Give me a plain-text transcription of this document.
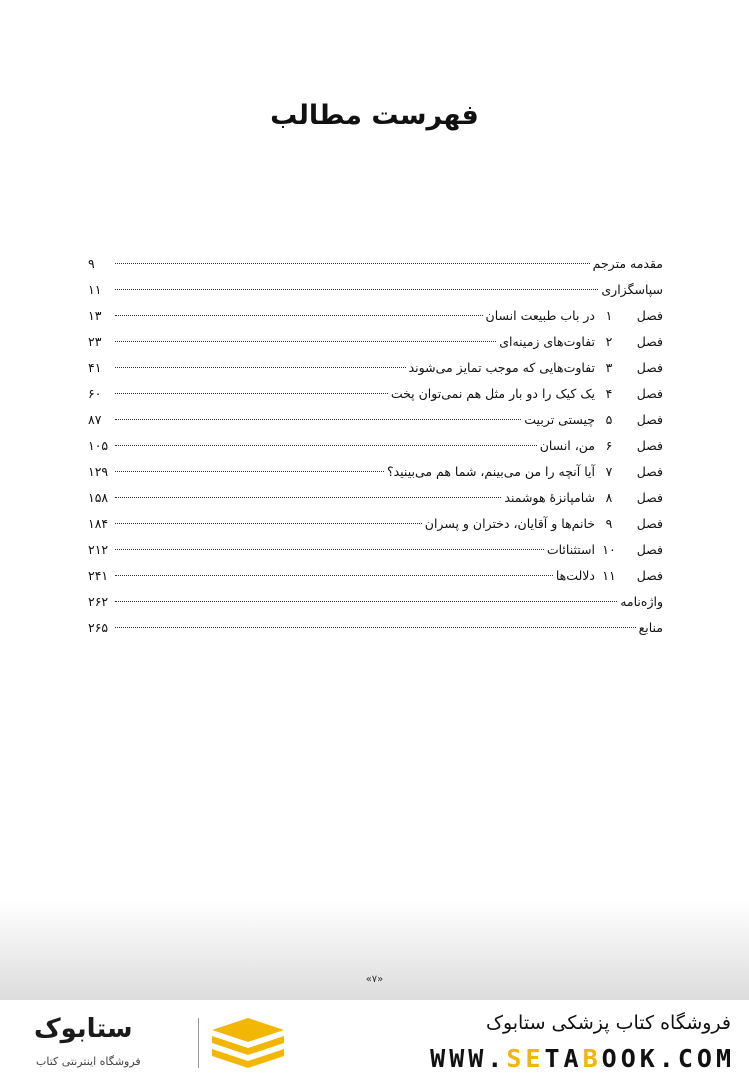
فهرست مطالب
مقدمه مترجم
۹
سپاسگزاری
۱۱
فصل
۱
در باب طبیعت انسان
۱۳
فصل
۲
تفاوت‌های زمینه‌ای
۲۳
فصل
۳
تفاوت‌هایی که موجب تمایز می‌شوند
۴۱
فصل
۴
یک کیک را دو بار مثل هم نمی‌توان پخت
۶۰
فصل
۵
چیستی تربیت
۸۷
فصل
۶
من، انسان
۱۰۵
فصل
۷
آیا آنچه را من می‌بینم، شما هم می‌بینید؟
۱۲۹
فصل
۸
شامپانزهٔ هوشمند
۱۵۸
فصل
۹
خانم‌ها و آقایان، دختران و پسران
۱۸۴
فصل
۱۰
استثنائات
۲۱۲
فصل
۱۱
دلالت‌ها
۲۴۱
واژه‌نامه
۲۶۲
منابع
۲۶۵
«۷»
فروشگاه کتاب پزشکی ستابوک
WWW.SETABOOK.COM
ستابوک
فروشگاه اینترنتی کتاب
